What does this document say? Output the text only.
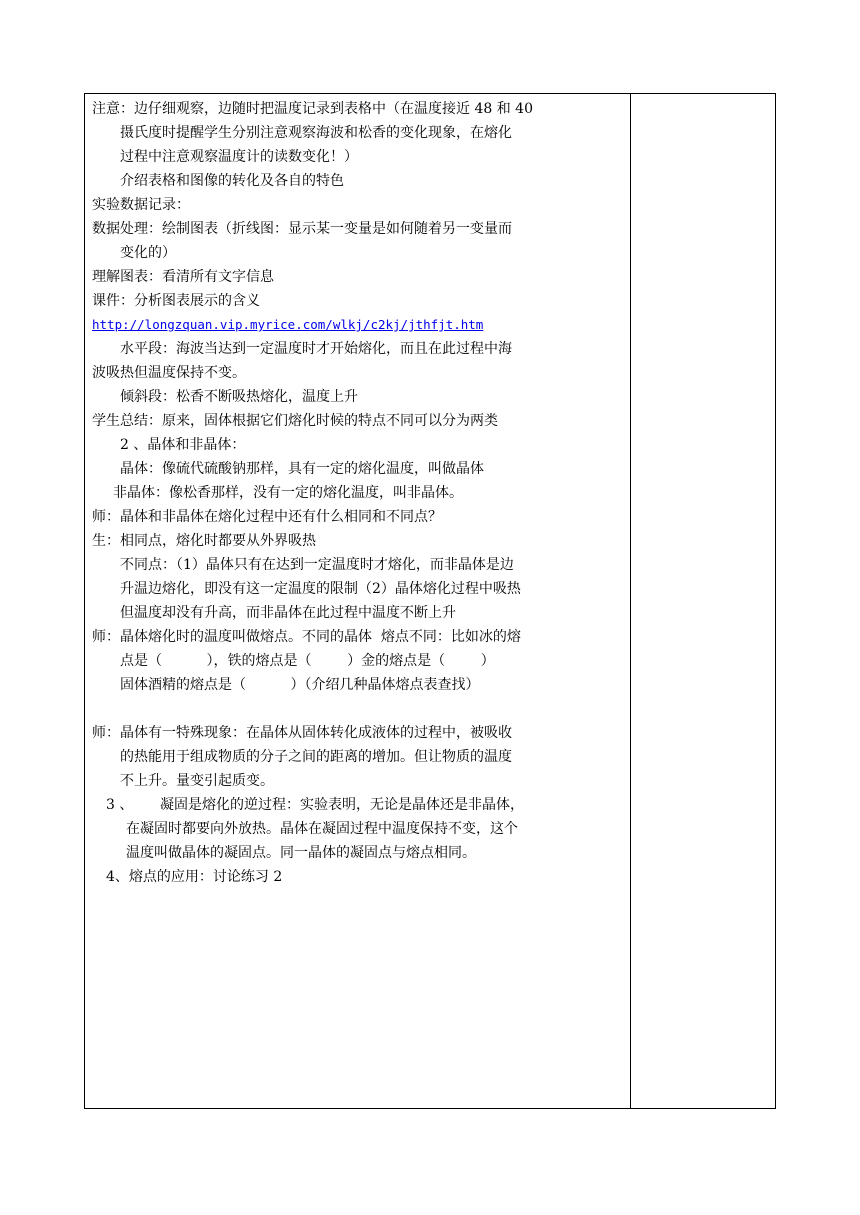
注意：边仔细观察，边随时把温度记录到表格中（在温度接近 48 和 40
摄氏度时提醒学生分别注意观察海波和松香的变化现象，在熔化
过程中注意观察温度计的读数变化！）
介绍表格和图像的转化及各自的特色
实验数据记录：
数据处理：绘制图表（折线图：显示某一变量是如何随着另一变量而
变化的）
理解图表：看清所有文字信息
课件：分析图表展示的含义
http://longzquan.vip.myrice.com/wlkj/c2kj/jthfjt.htm
水平段：海波当达到一定温度时才开始熔化，而且在此过程中海
波吸热但温度保持不变。
倾斜段：松香不断吸热熔化，温度上升
学生总结：原来，固体根据它们熔化时候的特点不同可以分为两类
2 、晶体和非晶体：
晶体：像硫代硫酸钠那样，具有一定的熔化温度，叫做晶体
非晶体：像松香那样，没有一定的熔化温度，叫非晶体。
师：晶体和非晶体在熔化过程中还有什么相同和不同点？
生：相同点，熔化时都要从外界吸热
不同点：（1）晶体只有在达到一定温度时才熔化，而非晶体是边
升温边熔化，即没有这一定温度的限制（2）晶体熔化过程中吸热
但温度却没有升高，而非晶体在此过程中温度不断上升
师：晶体熔化时的温度叫做熔点。不同的晶体  熔点不同：比如冰的熔
点是（          ），铁的熔点是（        ）金的熔点是（        ）
固体酒精的熔点是（          ）（介绍几种晶体熔点表查找）
师：晶体有一特殊现象：在晶体从固体转化成液体的过程中，被吸收
的热能用于组成物质的分子之间的距离的增加。但让物质的温度
不上升。量变引起质变。
3 、      凝固是熔化的逆过程：实验表明，无论是晶体还是非晶体，
在凝固时都要向外放热。晶体在凝固过程中温度保持不变，这个
温度叫做晶体的凝固点。同一晶体的凝固点与熔点相同。
4、熔点的应用：讨论练习 2
